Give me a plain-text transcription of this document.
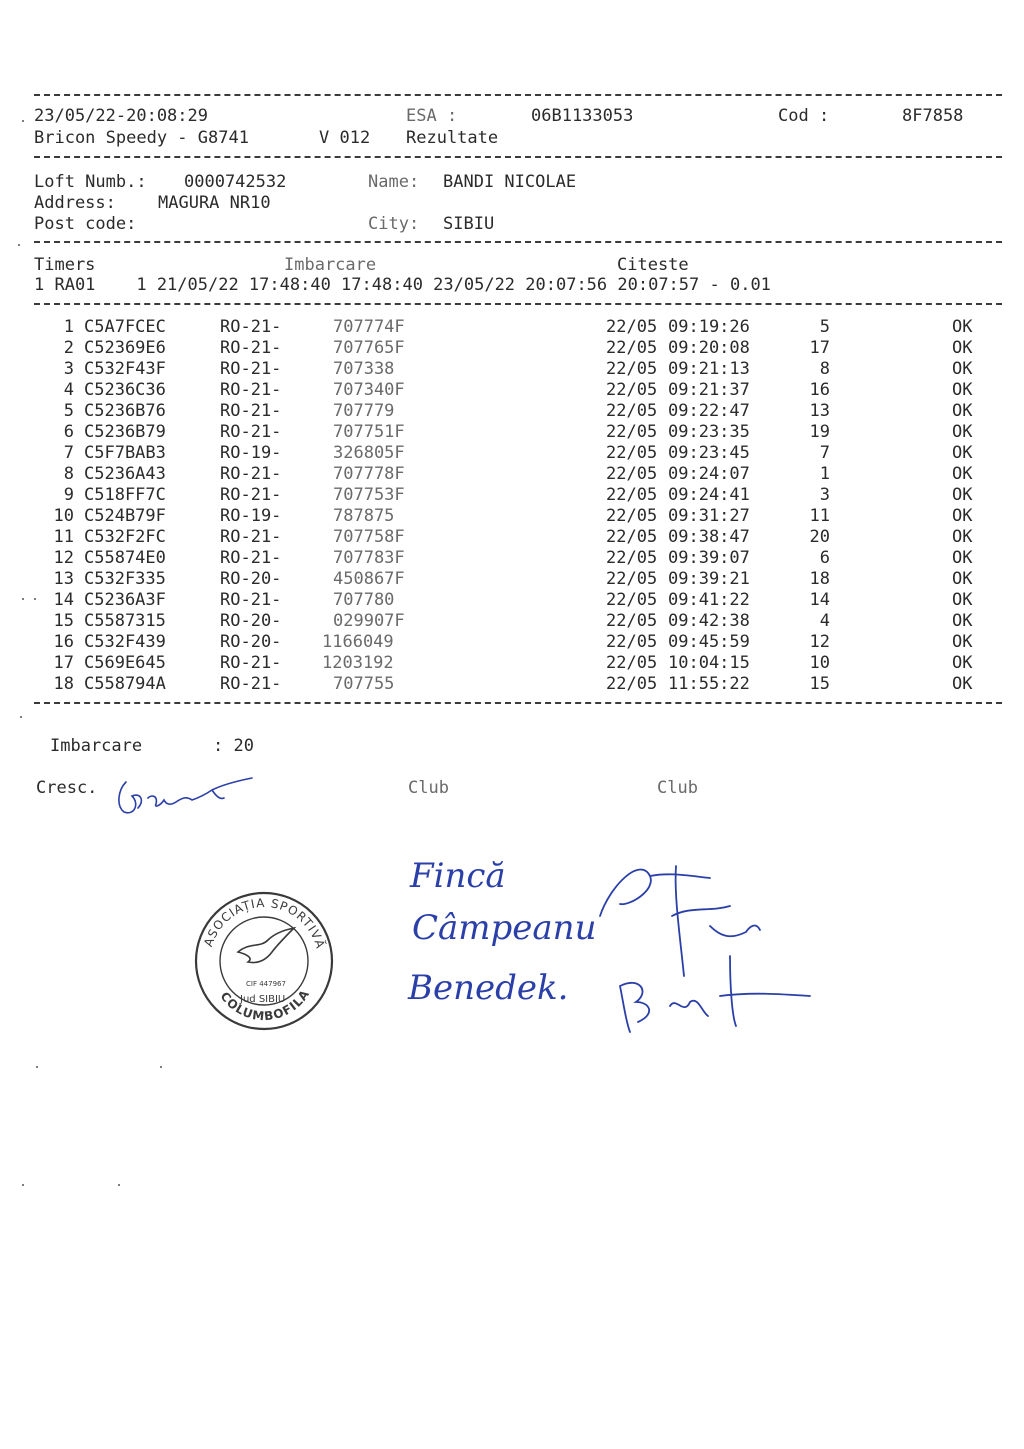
23/05/22-20:08:29	ESA :	06B1133053	Cod :	8F7858
Bricon Speedy - G8741	V 012 Rezultate
Loft Numb.: 0000742532	Name: BANDI NICOLAE
Address: MAGURA NR10
Post code:	City: SIBIU
Timers	Imbarcare	Citeste
1 RA01    1 21/05/22 17:48:40 17:48:40 23/05/22 20:07:56 20:07:57 - 0.01
1 C5A7FCEC	RO-21-	707774F	22/05 09:19:26	5	OK
2 C52369E6	RO-21-	707765F	22/05 09:20:08	17	OK
3 C532F43F	RO-21-	707338	22/05 09:21:13	8	OK
4 C5236C36	RO-21-	707340F	22/05 09:21:37	16	OK
5 C5236B76	RO-21-	707779	22/05 09:22:47	13	OK
6 C5236B79	RO-21-	707751F	22/05 09:23:35	19	OK
7 C5F7BAB3	RO-19-	326805F	22/05 09:23:45	7	OK
8 C5236A43	RO-21-	707778F	22/05 09:24:07	1	OK
9 C518FF7C	RO-21-	707753F	22/05 09:24:41	3	OK
10 C524B79F	RO-19-	787875	22/05 09:31:27	11	OK
11 C532F2FC	RO-21-	707758F	22/05 09:38:47	20	OK
12 C55874E0	RO-21-	707783F	22/05 09:39:07	6	OK
13 C532F335	RO-20-	450867F	22/05 09:39:21	18	OK
14 C5236A3F	RO-21-	707780	22/05 09:41:22	14	OK
15 C5587315	RO-20-	029907F	22/05 09:42:38	4	OK
16 C532F439	RO-20- 1166049	22/05 09:45:59	12	OK
17 C569E645	RO-21- 1203192	22/05 10:04:15	10	OK
18 C558794A	RO-21-	707755	22/05 11:55:22	15	OK
Imbarcare	: 20
Cresc.	Club	Club
ASOCIAȚIA SPORTIVĂ
COLUMBOFILA
Jud SIBIU
CIF 447967
Fincă
Câmpeanu
Benedek.
